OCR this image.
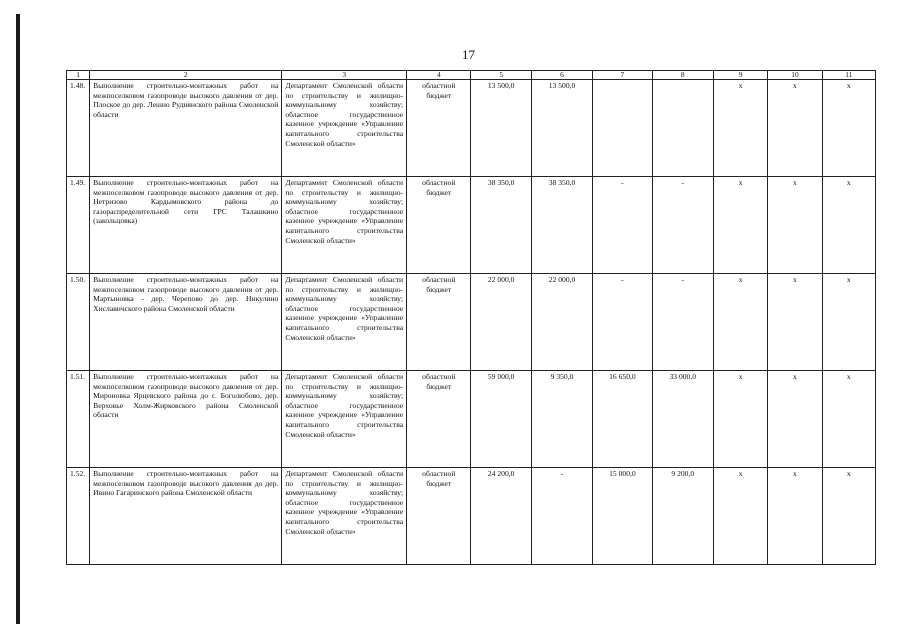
17
1	2	3	4	5	6	7	8	9	10	11
1.48.	Выполнение строительно-монтажных работ на межпоселковом газопроводе высокого давления от дер. Плоское до дер. Лешно Руднянского района Смоленской области	Департамент Смоленской области по строительству и жилищно-коммунальному хозяйству; областное государственное казенное учреждение «Управление капитального строительства Смоленской области»	областной бюджет	13 500,0	13 500,0			х	х	х
1.49.	Выполнение строительно-монтажных работ на межпоселковом газопроводе высокого давления от дер. Нетризово Кардымовского района до газораспределительной сети ГРС Талашкино (закольцовка)	Департамент Смоленской области по строительству и жилищно-коммунальному хозяйству; областное государственное казенное учреждение «Управление капитального строительства Смоленской области»	областной бюджет	38 350,0	38 350,0	-	-	х	х	х
1.50.	Выполнение строительно-монтажных работ на межпоселковом газопроводе высокого давления от дер. Мартыновка - дер. Черепово до дер. Никулино Хиславичского района Смоленской области	Департамент Смоленской области по строительству и жилищно-коммунальному хозяйству; областное государственное казенное учреждение «Управление капитального строительства Смоленской области»	областной бюджет	22 000,0	22 000,0	-	-	х	х	х
1.51.	Выполнение строительно-монтажных работ на межпоселковом газопроводе высокого давления от дер. Мироновка Ярцевского района до с. Боголюбово, дер. Верховье Холм-Жирковского района Смоленской области	Департамент Смоленской области по строительству и жилищно-коммунальному хозяйству; областное государственное казенное учреждение «Управление капитального строительства Смоленской области»	областной бюджет	59 000,0	9 350,0	16 650,0	33 000,0	х	х	х
1.52.	Выполнение строительно-монтажных работ на межпоселковом газопроводе высокого давления до дер. Ивино Гагаринского района Смоленской области	Департамент Смоленской области по строительству и жилищно-коммунальному хозяйству; областное государственное казенное учреждение «Управление капитального строительства Смоленской области»	областной бюджет	24 200,0	-	15 000,0	9 200,0	х	х	х
